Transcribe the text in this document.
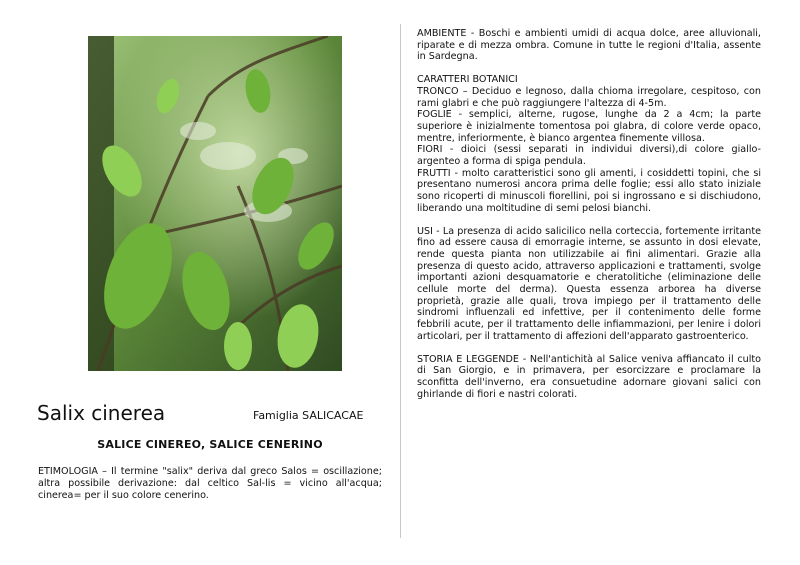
Salix cinerea	Famiglia SALICACAE
SALICE CINEREO, SALICE CENERINO
ETIMOLOGIA – Il termine "salix" deriva dal greco Salos = oscillazione; altra possibile derivazione: dal celtico Sal-lis = vicino all'acqua; cinerea= per il suo colore cenerino.

AMBIENTE - Boschi e ambienti umidi di acqua dolce, aree alluvionali, riparate e di mezza ombra. Comune in tutte le regioni d'Italia, assente in Sardegna.

CARATTERI BOTANICI

TRONCO – Deciduo e legnoso, dalla chioma irregolare, cespitoso, con rami glabri e che può raggiungere l'altezza di 4-5m.

FOGLIE - semplici, alterne, rugose, lunghe da 2 a 4cm; la parte superiore è inizialmente tomentosa poi glabra, di colore verde opaco, mentre, inferiormente, è bianco argentea finemente villosa.

FIORI - dioici (sessi separati in individui diversi),di colore giallo-argenteo a forma di spiga pendula.

FRUTTI - molto caratteristici sono gli amenti, i cosiddetti topini, che si presentano numerosi ancora prima delle foglie; essi allo stato iniziale sono ricoperti di minuscoli fiorellini, poi si ingrossano e si dischiudono, liberando una moltitudine di semi pelosi bianchi.

USI - La presenza di acido salicilico nella corteccia, fortemente irritante fino ad essere causa di emorragie interne, se assunto in dosi elevate, rende questa pianta non utilizzabile ai fini alimentari. Grazie alla presenza di questo acido, attraverso applicazioni e trattamenti, svolge importanti azioni desquamatorie e cheratolitiche (eliminazione delle cellule morte del derma). Questa essenza arborea ha diverse proprietà, grazie alle quali, trova impiego per il trattamento delle sindromi influenzali ed infettive, per il contenimento delle forme febbrili acute, per il trattamento delle infiammazioni, per lenire i dolori articolari, per il trattamento di affezioni dell'apparato gastroenterico.

STORIA E LEGGENDE - Nell'antichità al Salice veniva affiancato il culto di San Giorgio, e in primavera, per esorcizzare e proclamare la sconfitta dell'inverno, era consuetudine adornare giovani salici con ghirlande di fiori e nastri colorati.
